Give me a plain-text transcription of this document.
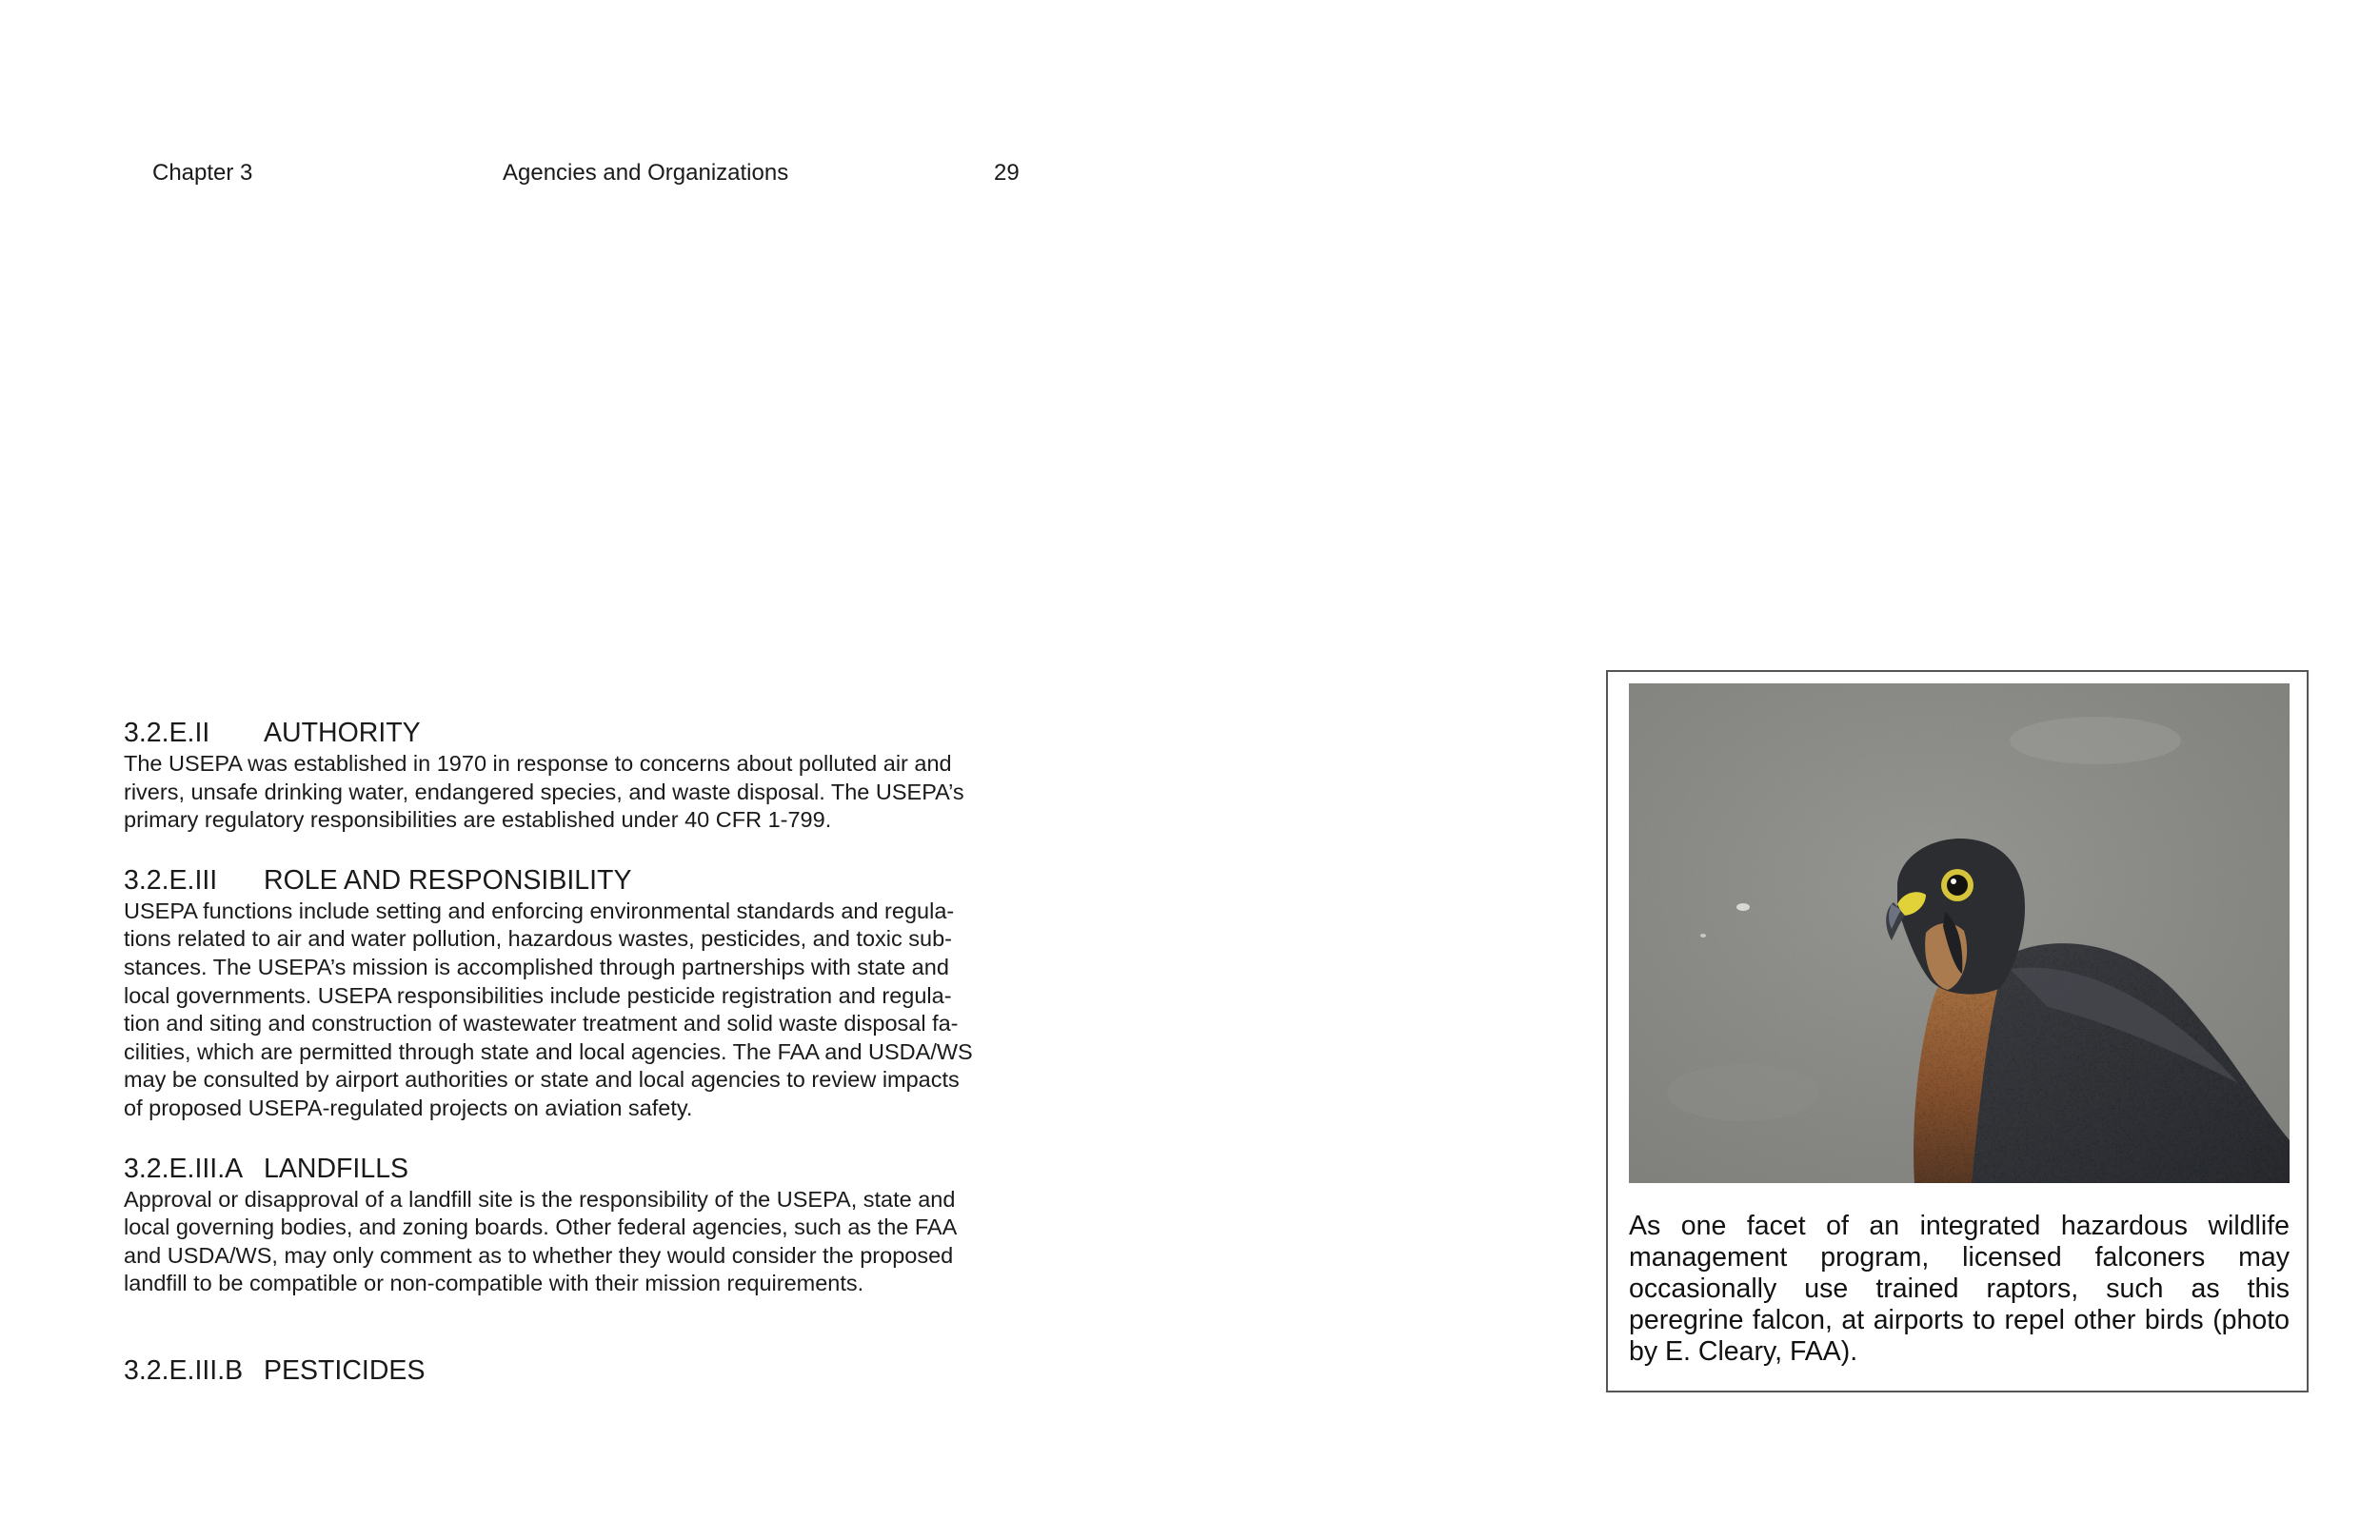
Chapter 3	Agencies and Organizations	29
3.2.E.II AUTHORITY

The USEPA was established in 1970 in response to concerns about polluted air and
rivers, unsafe drinking water, endangered species, and waste disposal. The USEPA’s
primary regulatory responsibilities are established under 40 CFR 1-799.

3.2.E.III ROLE AND RESPONSIBILITY

USEPA functions include setting and enforcing environmental standards and regula-
tions related to air and water pollution, hazardous wastes, pesticides, and toxic sub-
stances. The USEPA’s mission is accomplished through partnerships with state and
local governments. USEPA responsibilities include pesticide registration and regula-
tion and siting and construction of wastewater treatment and solid waste disposal fa-
cilities, which are permitted through state and local agencies. The FAA and USDA/WS
may be consulted by airport authorities or state and local agencies to review impacts
of proposed USEPA-regulated projects on aviation safety.

3.2.E.III.A LANDFILLS

Approval or disapproval of a landfill site is the responsibility of the USEPA, state and
local governing bodies, and zoning boards. Other federal agencies, such as the FAA
and USDA/WS, may only comment as to whether they would consider the proposed
landfill to be compatible or non-compatible with their mission requirements.

3.2.E.III.B PESTICIDES
As one facet of an integrated hazardous wildlife management program, licensed falconers may occasionally use trained raptors, such as this peregrine falcon, at airports to repel other birds (photo by E. Cleary, FAA).
